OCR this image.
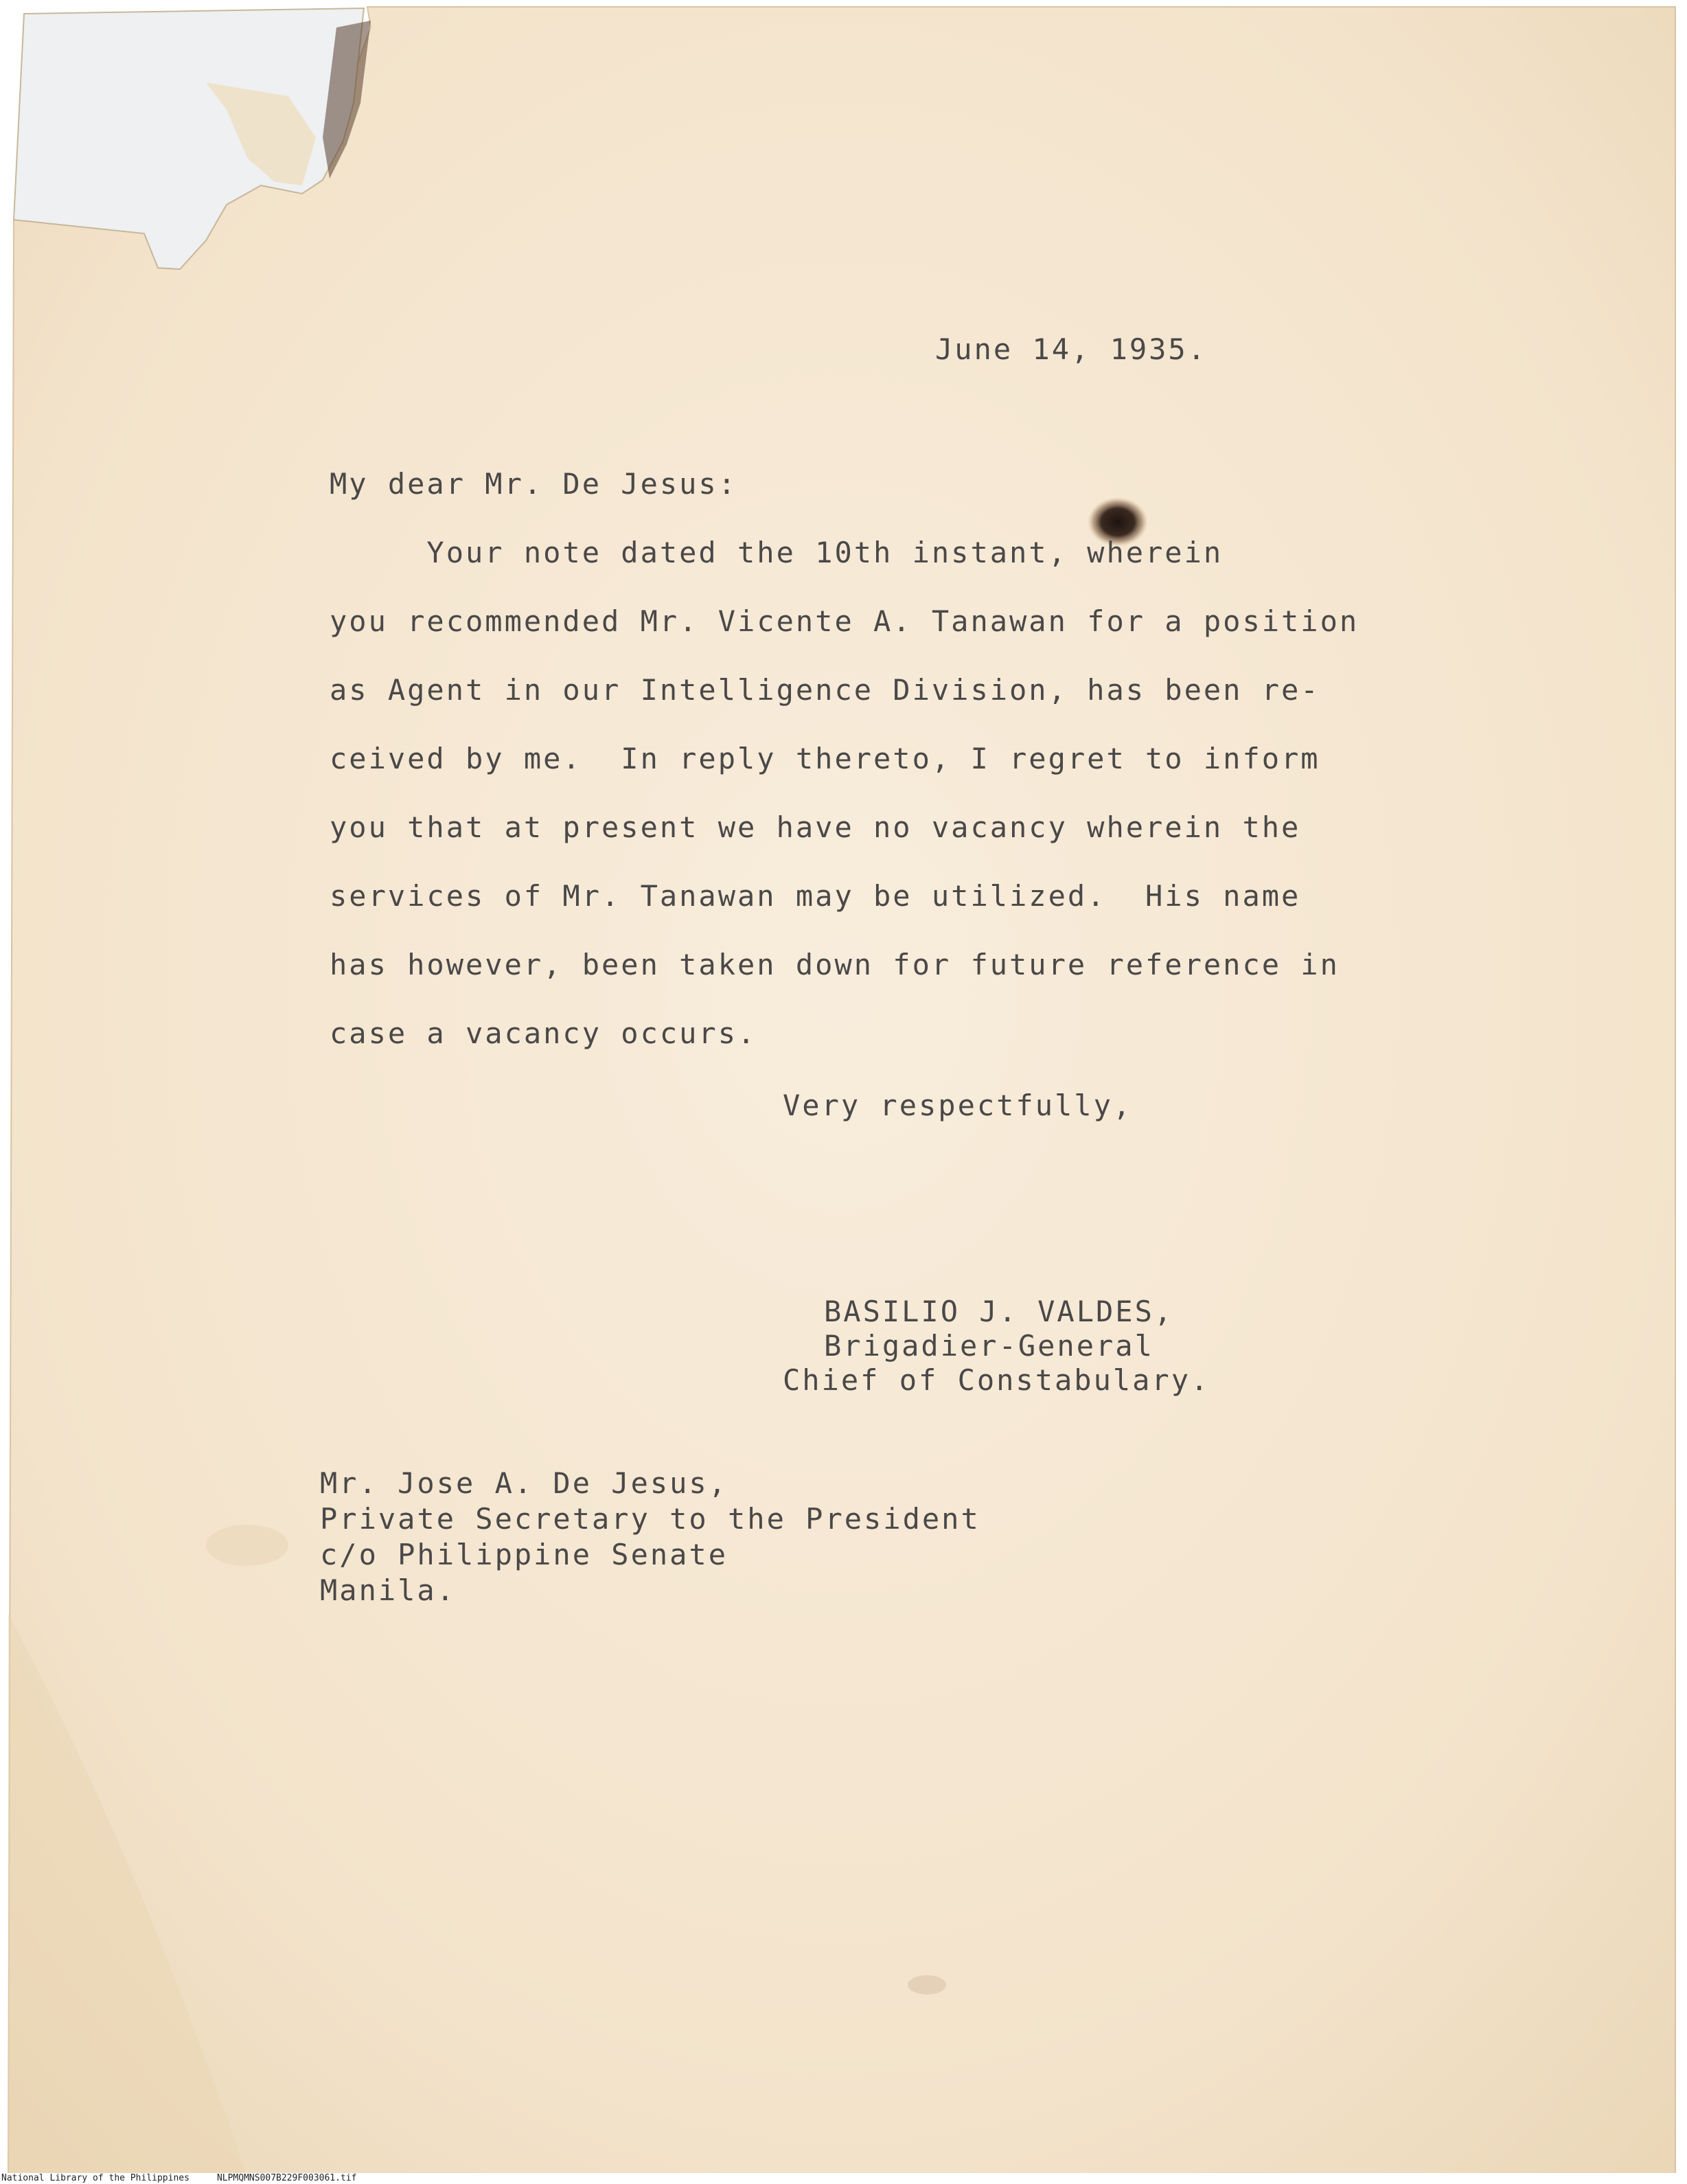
June 14, 1935.
My dear Mr. De Jesus:
Your note dated the 10th instant, wherein
you recommended Mr. Vicente A. Tanawan for a position
as Agent in our Intelligence Division, has been re-
ceived by me.  In reply thereto, I regret to inform
you that at present we have no vacancy wherein the
services of Mr. Tanawan may be utilized.  His name
has however, been taken down for future reference in
case a vacancy occurs.
Very respectfully,
BASILIO J. VALDES,
Brigadier-General
Chief of Constabulary.
Mr. Jose A. De Jesus,
Private Secretary to the President
c/o Philippine Senate
Manila.
National Library of the Philippines	NLPMQMNS007B229F003061.tif
